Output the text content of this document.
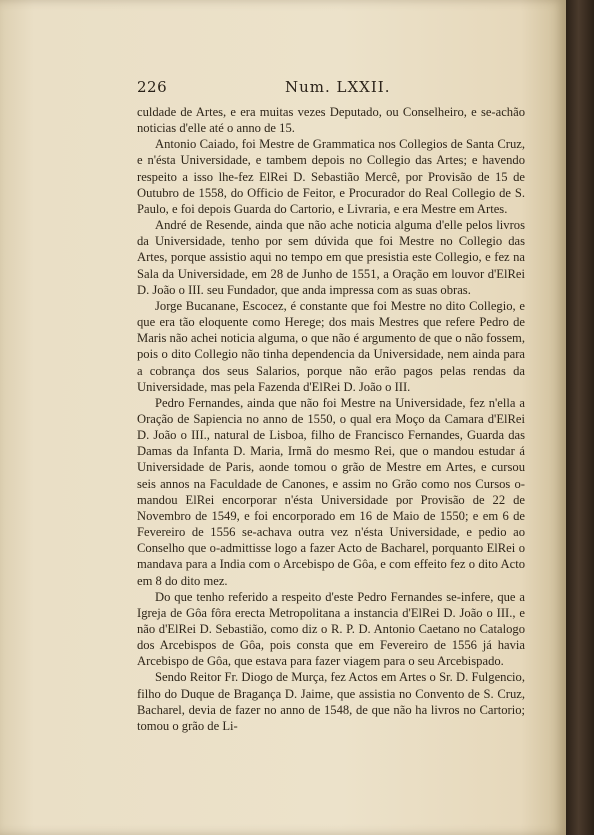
226	Num. LXXII.

culdade de Artes, e era muitas vezes Deputado, ou Conselheiro, e se-achão noticias d'elle até o anno de 15.

Antonio Caiado, foi Mestre de Grammatica nos Collegios de Santa Cruz, e n'ésta Universidade, e tambem depois no Collegio das Artes; e havendo respeito a isso lhe-fez ElRei D. Sebastião Mercê, por Provisão de 15 de Outubro de 1558, do Officio de Feitor, e Procurador do Real Collegio de S. Paulo, e foi depois Guarda do Cartorio, e Livraria, e era Mestre em Artes.

André de Resende, ainda que não ache noticia alguma d'elle pelos livros da Universidade, tenho por sem dúvida que foi Mestre no Collegio das Artes, porque assistio aqui no tempo em que presistia este Collegio, e fez na Sala da Universidade, em 28 de Junho de 1551, a Oração em louvor d'ElRei D. João o III. seu Fundador, que anda impressa com as suas obras.

Jorge Bucanane, Escocez, é constante que foi Mestre no dito Collegio, e que era tão eloquente como Herege; dos mais Mestres que refere Pedro de Maris não achei noticia alguma, o que não é argumento de que o não fossem, pois o dito Collegio não tinha dependencia da Universidade, nem ainda para a cobrança dos seus Salarios, porque não erão pagos pelas rendas da Universidade, mas pela Fazenda d'ElRei D. João o III.

Pedro Fernandes, ainda que não foi Mestre na Universidade, fez n'ella a Oração de Sapiencia no anno de 1550, o qual era Moço da Camara d'ElRei D. João o III., natural de Lisboa, filho de Francisco Fernandes, Guarda das Damas da Infanta D. Maria, Irmã do mesmo Rei, que o mandou estudar á Universidade de Paris, aonde tomou o grão de Mestre em Artes, e cursou seis annos na Faculdade de Canones, e assim no Grão como nos Cursos o-mandou ElRei encorporar n'ésta Universidade por Provisão de 22 de Novembro de 1549, e foi encorporado em 16 de Maio de 1550; e em 6 de Fevereiro de 1556 se-achava outra vez n'ésta Universidade, e pedio ao Conselho que o-admittisse logo a fazer Acto de Bacharel, porquanto ElRei o mandava para a India com o Arcebispo de Gôa, e com effeito fez o dito Acto em 8 do dito mez.

Do que tenho referido a respeito d'este Pedro Fernandes se-infere, que a Igreja de Gôa fôra erecta Metropolitana a instancia d'ElRei D. João o III., e não d'ElRei D. Sebastião, como diz o R. P. D. Antonio Caetano no Catalogo dos Arcebispos de Gôa, pois consta que em Fevereiro de 1556 já havia Arcebispo de Gôa, que estava para fazer viagem para o seu Arcebispado.

Sendo Reitor Fr. Diogo de Murça, fez Actos em Artes o Sr. D. Fulgencio, filho do Duque de Bragança D. Jaime, que assistia no Convento de S. Cruz, Bacharel, devia de fazer no anno de 1548, de que não ha livros no Cartorio; tomou o grão de Li-
